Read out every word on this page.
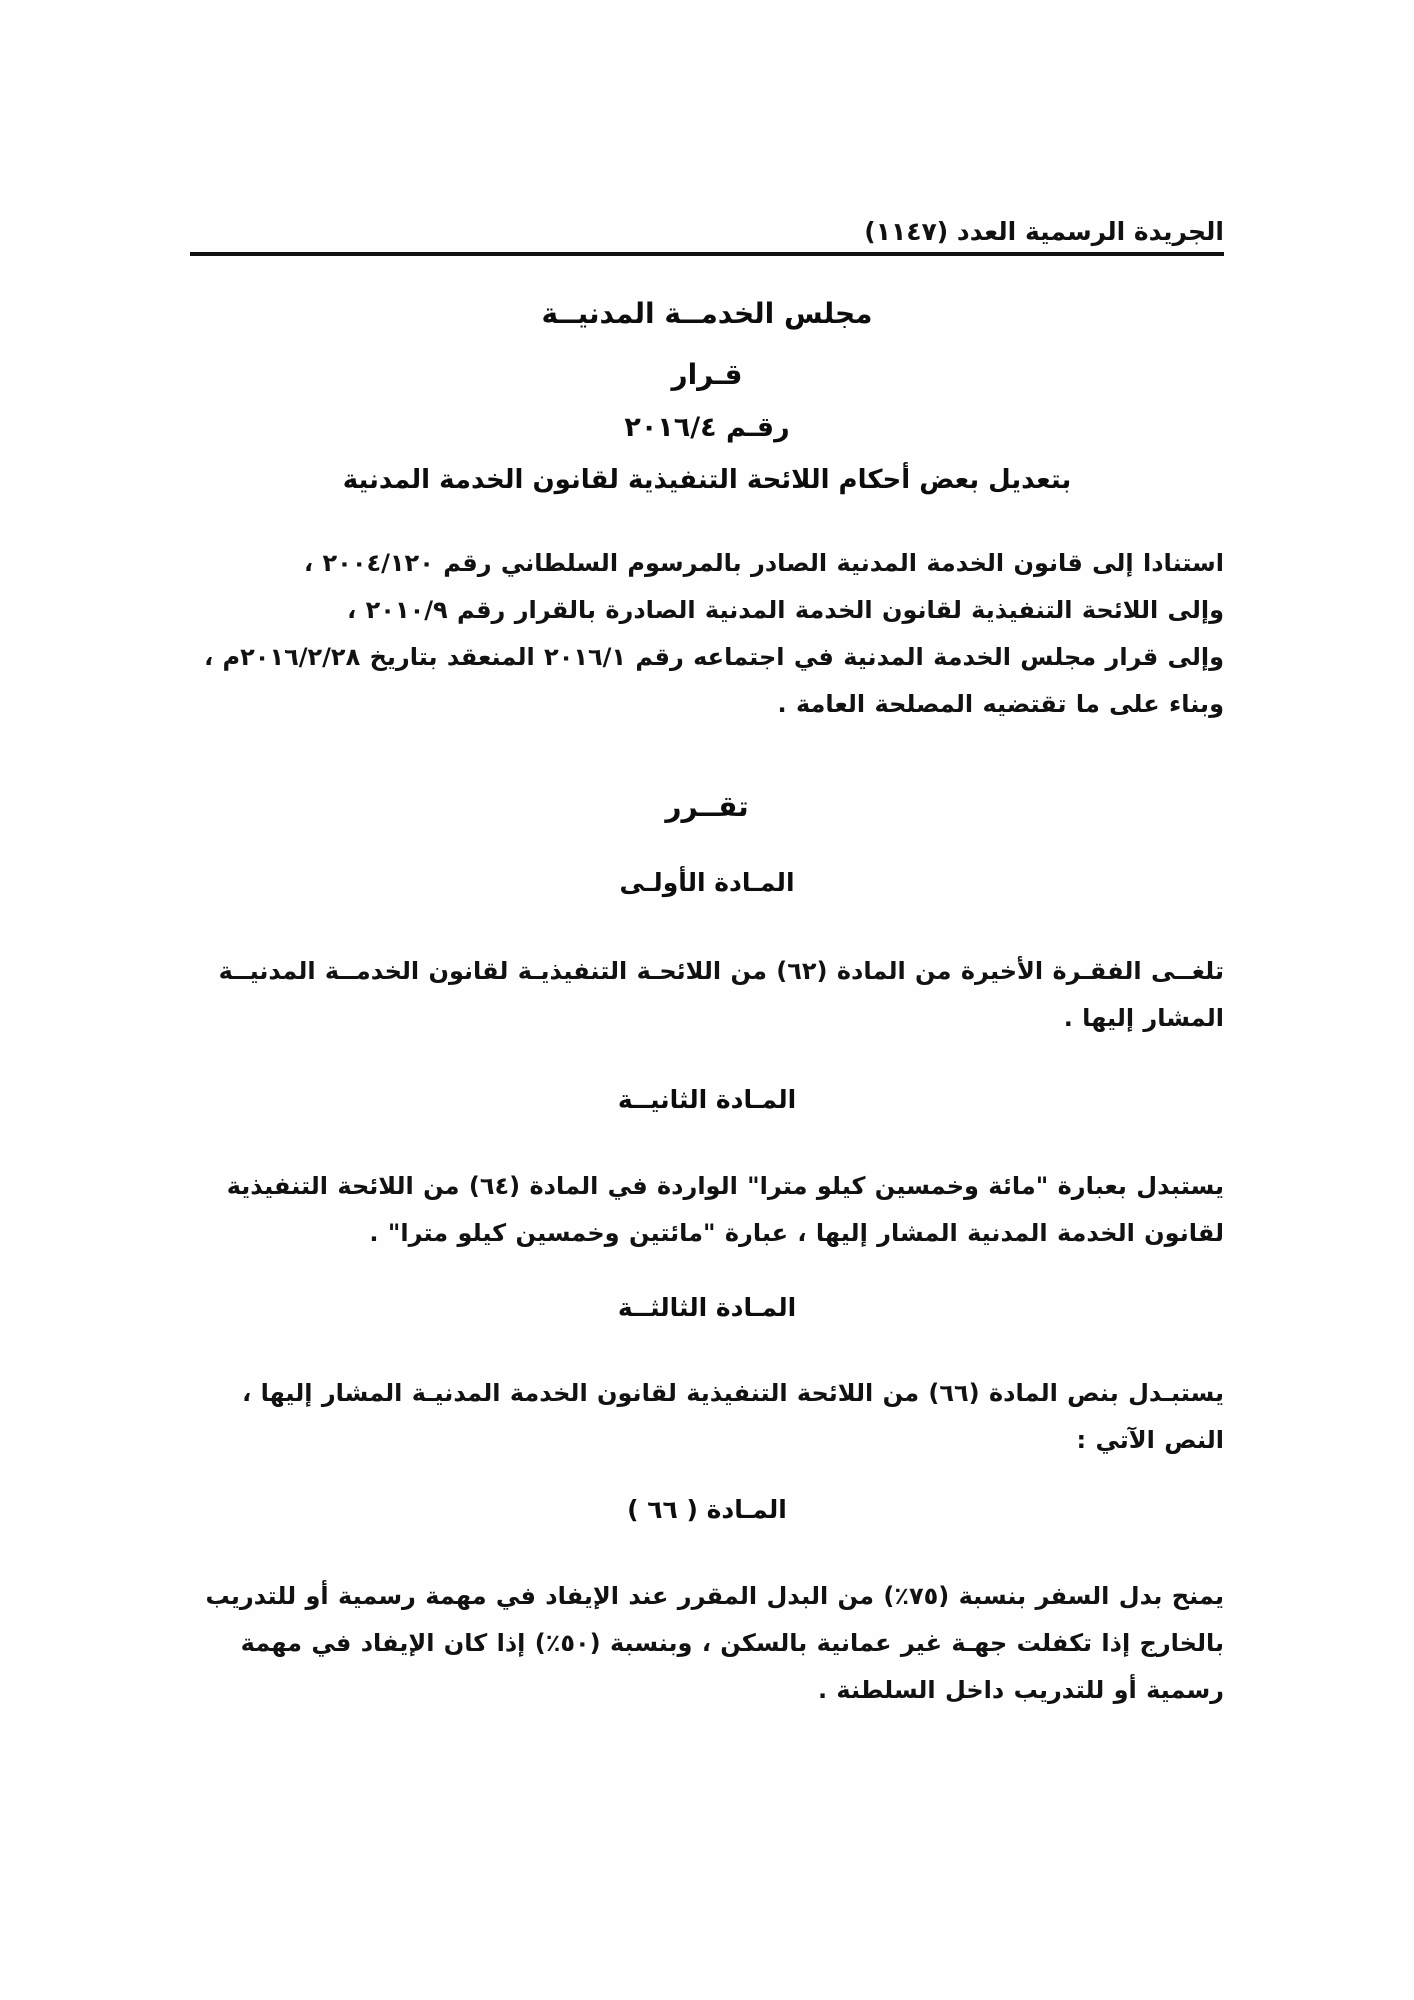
الجريدة الرسمية العدد (١١٤٧)
مجلس الخدمــة المدنيــة
قـرار
رقـم ٢٠١٦/٤
بتعديل بعض أحكام اللائحة التنفيذية لقانون الخدمة المدنية
استنادا إلى قانون الخدمة المدنية الصادر بالمرسوم السلطاني رقم ٢٠٠٤/١٢٠ ،
وإلى اللائحة التنفيذية لقانون الخدمة المدنية الصادرة بالقرار رقم ٢٠١٠/٩ ،
وإلى قرار مجلس الخدمة المدنية في اجتماعه رقم ٢٠١٦/١ المنعقد بتاريخ ٢٠١٦/٢/٢٨م ،
وبناء على ما تقتضيه المصلحة العامة .
تقــرر
المـادة الأولـى
تلغــى الفقـرة الأخيرة من المادة (٦٢) من اللائحـة التنفيذيـة لقانون الخدمــة المدنيــة
المشار إليها .
المـادة الثانيــة
يستبدل بعبارة "مائة وخمسين كيلو مترا" الواردة في المادة (٦٤) من اللائحة التنفيذية
لقانون الخدمة المدنية المشار إليها ، عبارة "مائتين وخمسين كيلو مترا" .
المـادة الثالثــة
يستبـدل بنص المادة (٦٦) من اللائحة التنفيذية لقانون الخدمة المدنيـة المشار إليها ،
النص الآتي :
المـادة ( ٦٦ )
يمنح بدل السفر بنسبة (٧٥٪) من البدل المقرر عند الإيفاد في مهمة رسمية أو للتدريب
بالخارج إذا تكفلت جهـة غير عمانية بالسكن ، وبنسبة (٥٠٪) إذا كان الإيفاد في مهمة
رسمية أو للتدريب داخل السلطنة .
